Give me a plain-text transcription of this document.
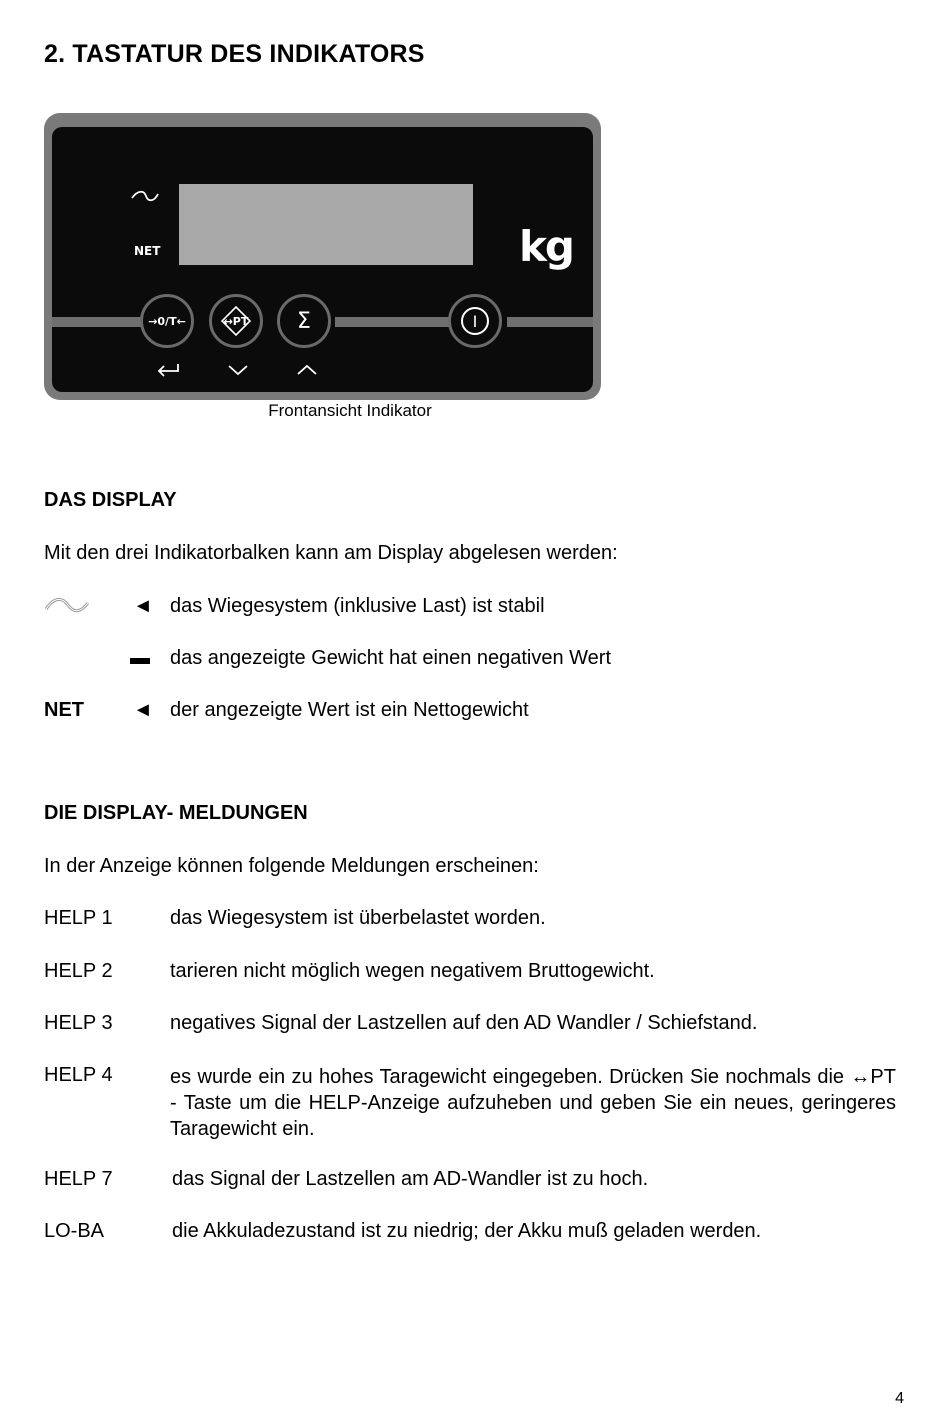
2. TASTATUR DES INDIKATORS
NET	kg
→0/T←	↔PT Σ	I
Frontansicht Indikator
DAS DISPLAY
Mit den drei Indikatorbalken kann am Display abgelesen werden:
◄ das Wiegesystem (inklusive Last) ist stabil
▬ das angezeigte Gewicht hat einen negativen Wert
NET ◄ der angezeigte Wert ist ein Nettogewicht
DIE DISPLAY- MELDUNGEN
In der Anzeige können folgende Meldungen erscheinen:
HELP 1	das Wiegesystem ist überbelastet worden.
HELP 2	tarieren nicht möglich wegen negativem Bruttogewicht.
HELP 3	negatives Signal der Lastzellen auf den AD Wandler / Schiefstand.
HELP 4	es wurde ein zu hohes Taragewicht eingegeben. Drücken Sie nochmals die ↔PT - Taste um die HELP-Anzeige aufzuheben und geben Sie ein neues, geringeres Taragewicht ein.
HELP 7	das Signal der Lastzellen am AD-Wandler ist zu hoch.
LO-BA	die Akkuladezustand ist zu niedrig; der Akku muß geladen werden.
4
